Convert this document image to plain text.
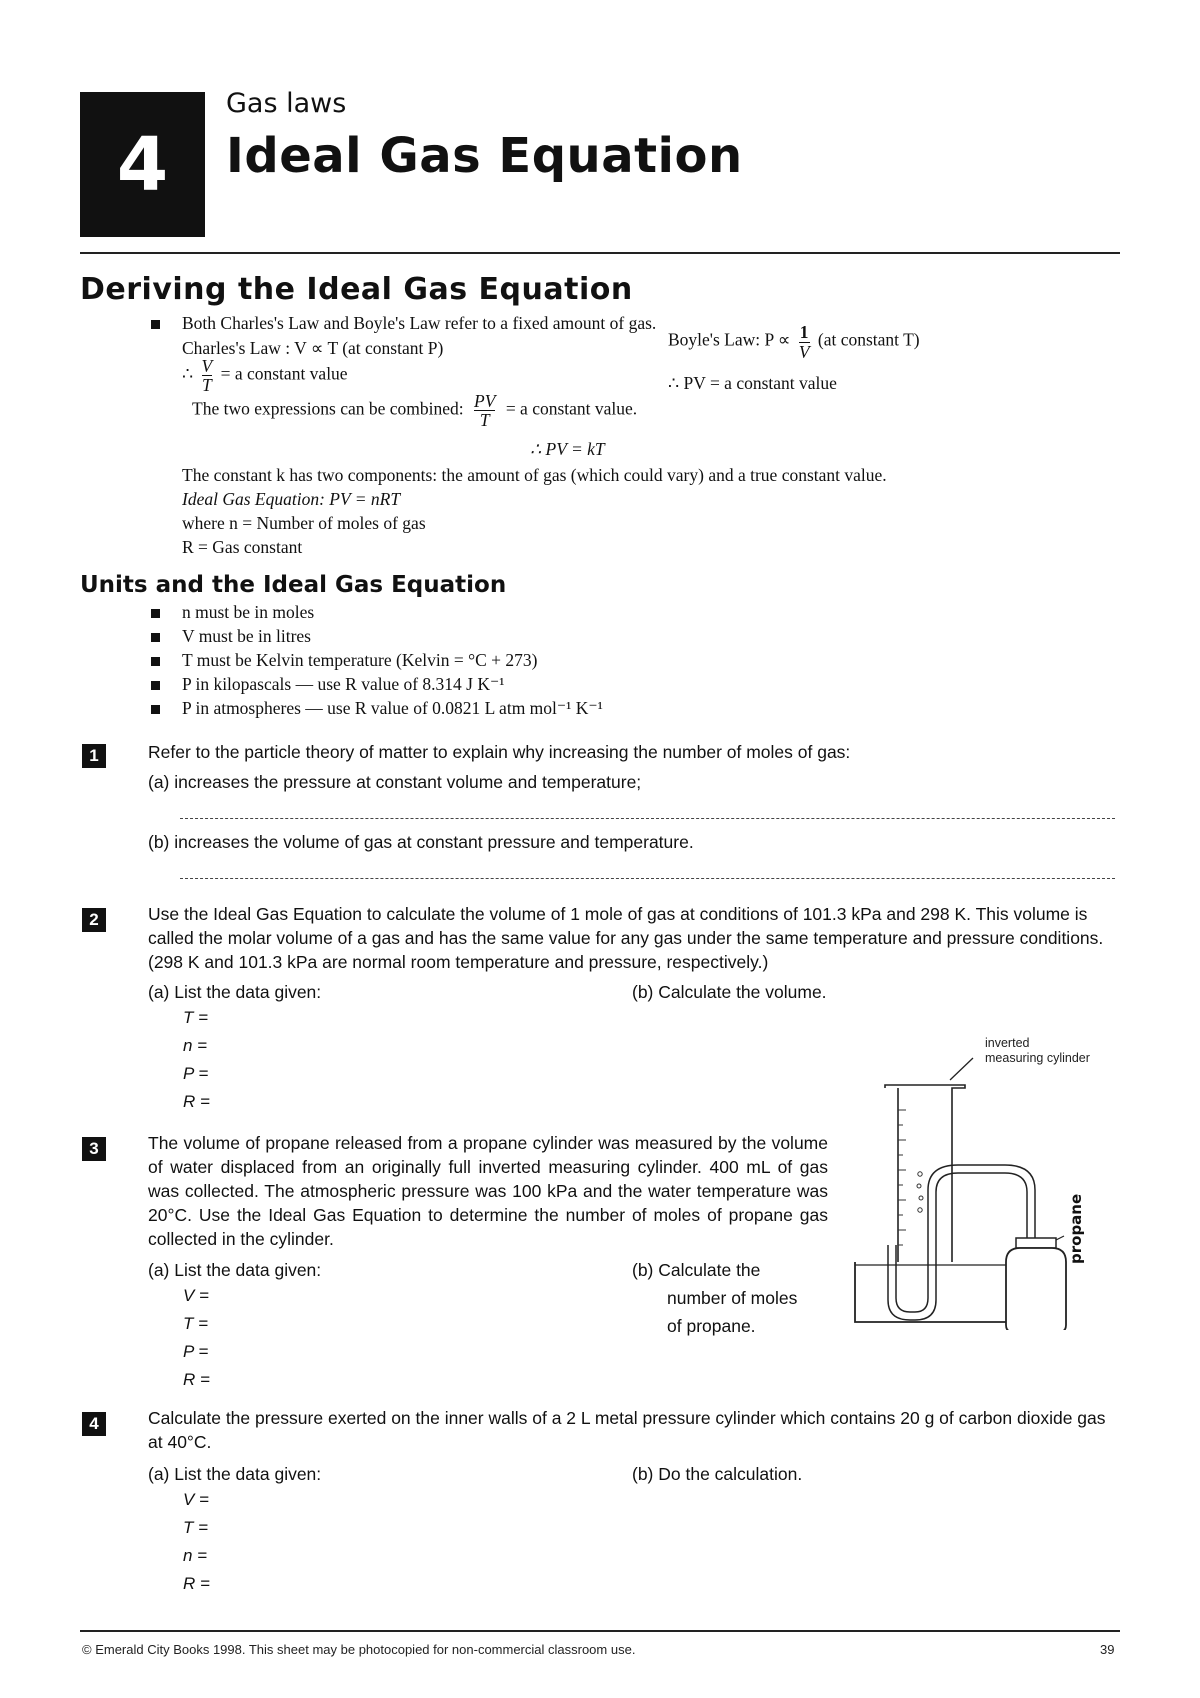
4
Gas laws
Ideal Gas Equation
Deriving the Ideal Gas Equation
Both Charles's Law and Boyle's Law refer to a fixed amount of gas.
Charles's Law : V ∝ T (at constant P)	Boyle's Law: $P \propto \frac{1}{V} (at$ constant T)
∴ $\frac{V}{T} = a$ constant value	∴ PV = a constant value
The two expressions can be combined: $\frac{PV}{T} = a$ constant value.
∴ PV = kT
The constant k has two components: the amount of gas (which could vary) and a true constant value.
Ideal Gas Equation: PV = nRT
where n = Number of moles of gas
R = Gas constant
Units and the Ideal Gas Equation
n must be in moles
V must be in litres
T must be Kelvin temperature (Kelvin = °C + 273)
P in kilopascals — use R value of 8.314 J K⁻¹
P in atmospheres — use R value of 0.0821 L atm mol⁻¹ K⁻¹
1	Refer to the particle theory of matter to explain why increasing the number of moles of gas:
(a) increases the pressure at constant volume and temperature;
(b) increases the volume of gas at constant pressure and temperature.
2	Use the Ideal Gas Equation to calculate the volume of 1 mole of gas at conditions of 101.3 kPa and 298 K. This volume is called the molar volume of a gas and has the same value for any gas under the same temperature and pressure conditions. (298 K and 101.3 kPa are normal room temperature and pressure, respectively.)
(a) List the data given:	(b) Calculate the volume.
T =
n =
P =
R =
3	The volume of propane released from a propane cylinder was measured by the volume of water displaced from an originally full inverted measuring cylinder. 400 mL of gas was collected. The atmospheric pressure was 100 kPa and the water temperature was 20°C. Use the Ideal Gas Equation to determine the number of moles of propane gas collected in the cylinder.
(a) List the data given:	(b) Calculate the
number of moles
of propane.
V =
T =
P =
R =
inverted
measuring cylinder
propane
4	Calculate the pressure exerted on the inner walls of a 2 L metal pressure cylinder which contains 20 g of carbon dioxide gas at 40°C.
(a) List the data given:	(b) Do the calculation.
V =
T =
n =
R =
© Emerald City Books 1998. This sheet may be photocopied for non-commercial classroom use.	39
